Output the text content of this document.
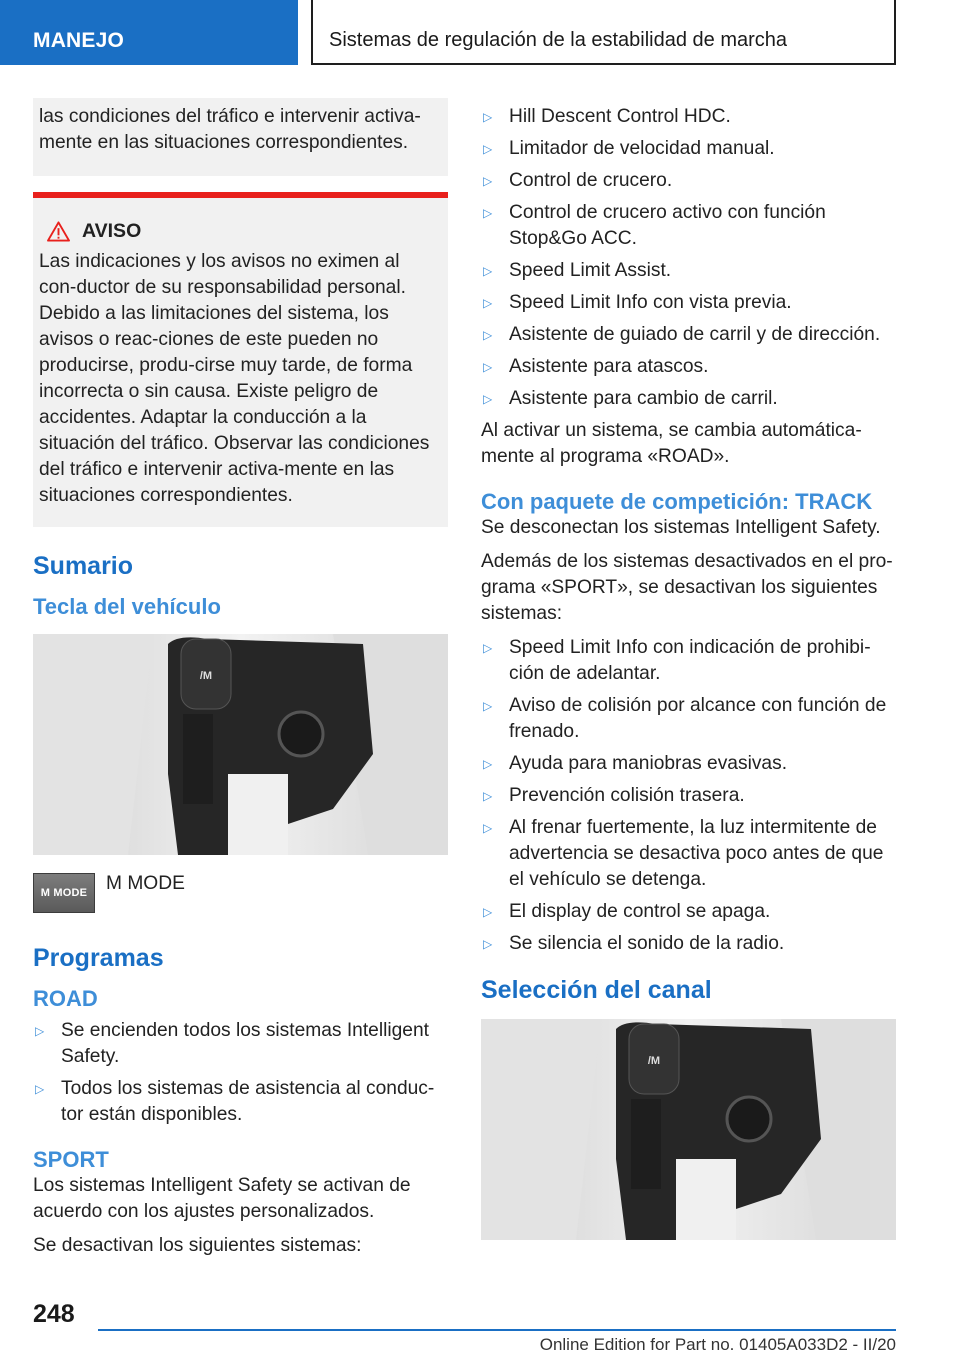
MANEJO	Sistemas de regulación de la estabilidad de marcha
las condiciones del tráfico e intervenir activa-mente en las situaciones correspondientes.
AVISO
Las indicaciones y los avisos no eximen al con-ductor de su responsabilidad personal. Debido a las limitaciones del sistema, los avisos o reac-ciones de este pueden no producirse, produ-cirse muy tarde, de forma incorrecta o sin causa. Existe peligro de accidentes. Adaptar la conducción a la situación del tráfico. Observar las condiciones del tráfico e intervenir activa-mente en las situaciones correspondientes.
Sumario
Tecla del vehículo
/M
M MODE M MODE
Programas
ROAD
▷ Se encienden todos los sistemas Intelligent Safety.
▷ Todos los sistemas de asistencia al conduc-tor están disponibles.
SPORT

Los sistemas Intelligent Safety se activan de acuerdo con los ajustes personalizados.

Se desactivan los siguientes sistemas:

▷ Hill Descent Control HDC.
▷ Limitador de velocidad manual.
▷ Control de crucero.
▷ Control de crucero activo con función Stop&Go ACC.
▷ Speed Limit Assist.
▷ Speed Limit Info con vista previa.
▷ Asistente de guiado de carril y de dirección.
▷ Asistente para atascos.
▷ Asistente para cambio de carril.

Al activar un sistema, se cambia automática-mente al programa «ROAD».

Con paquete de competición: TRACK

Se desconectan los sistemas Intelligent Safety.

Además de los sistemas desactivados en el pro-grama «SPORT», se desactivan los siguientes sistemas:

▷ Speed Limit Info con indicación de prohibi-ción de adelantar.
▷ Aviso de colisión por alcance con función de frenado.
▷ Ayuda para maniobras evasivas.
▷ Prevención colisión trasera.
▷ Al frenar fuertemente, la luz intermitente de advertencia se desactiva poco antes de que el vehículo se detenga.
▷ El display de control se apaga.
▷ Se silencia el sonido de la radio.
Selección del canal
/M
248
Online Edition for Part no. 01405A033D2 - II/20
